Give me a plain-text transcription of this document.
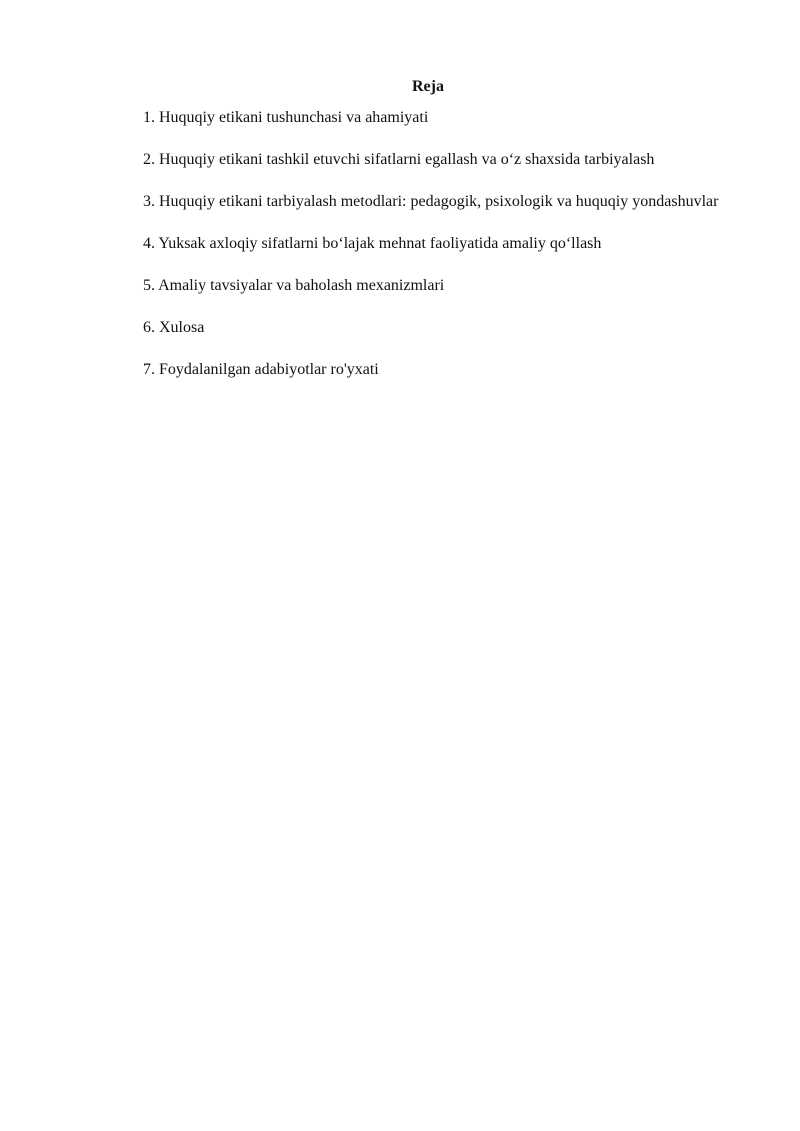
Reja
1. Huquqiy etikani tushunchasi va ahamiyati
2. Huquqiy etikani tashkil etuvchi sifatlarni egallash va o‘z shaxsida tarbiyalash
3. Huquqiy etikani tarbiyalash metodlari: pedagogik, psixologik va huquqiy yondashuvlar
4. Yuksak axloqiy sifatlarni bo‘lajak mehnat faoliyatida amaliy qo‘llash
5. Amaliy tavsiyalar va baholash mexanizmlari
6. Xulosa
7. Foydalanilgan adabiyotlar ro'yxati
